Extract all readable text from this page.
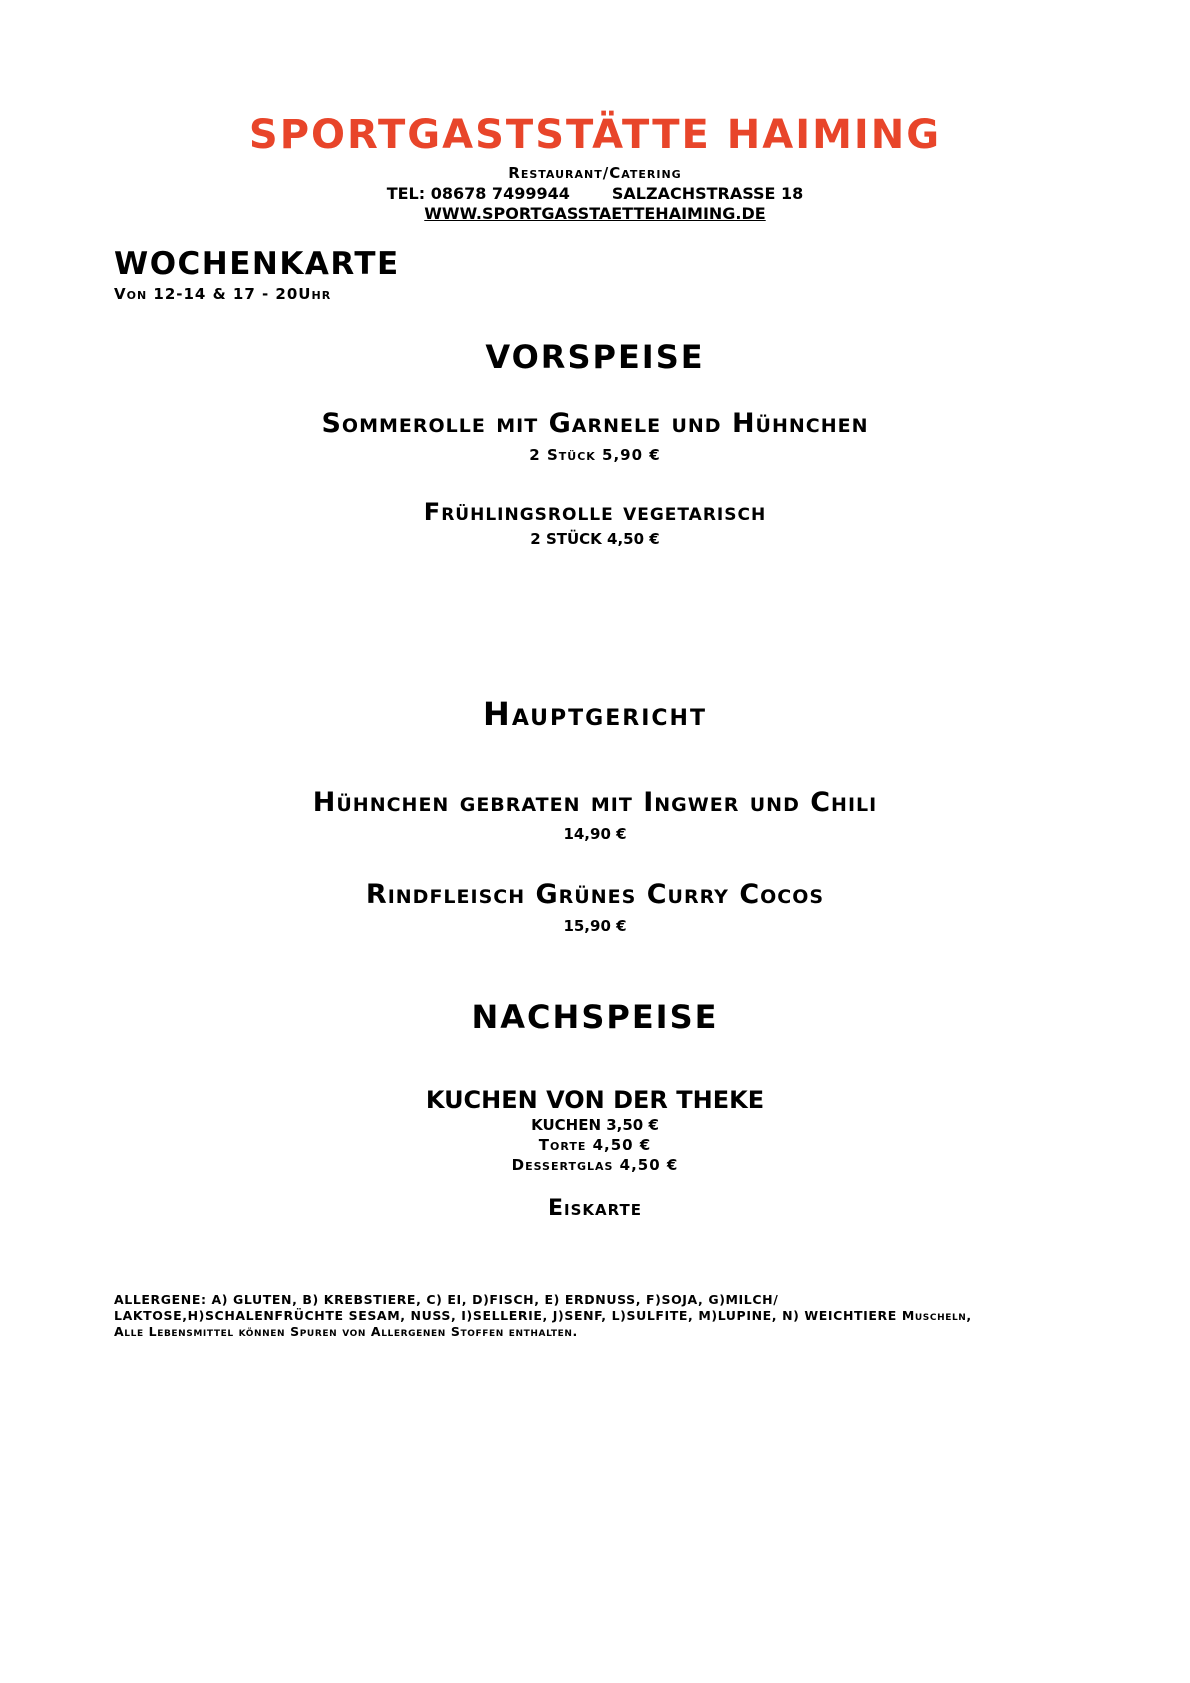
SPORTGASTSTÄTTE HAIMING
Restaurant/Catering
TEL: 08678 7499944	SALZACHSTRASSE 18
WWW.SPORTGASSTAETTEHAIMING.DE
WOCHENKARTE
Von 12-14 & 17 - 20Uhr
VORSPEISE
Sommerolle mit Garnele und Hühnchen
2 Stück 5,90 €
Frühlingsrolle vegetarisch
2 STÜCK 4,50 €
Hauptgericht
Hühnchen gebraten mit Ingwer und Chili
14,90 €
Rindfleisch Grünes Curry Cocos
15,90 €
NACHSPEISE
KUCHEN VON DER THEKE
KUCHEN 3,50 €
Torte 4,50 €
Dessertglas 4,50 €
Eiskarte
ALLERGENE: A) GLUTEN, B) KREBSTIERE, C) EI, D)FISCH, E) ERDNUSS, F)SOJA, G)MILCH/
LAKTOSE,H)SCHALENFRÜCHTE SESAM, NUSS, I)SELLERIE, J)SENF, L)SULFITE, M)LUPINE, N) WEICHTIERE Muscheln,
Alle Lebensmittel können Spuren von Allergenen Stoffen enthalten.
